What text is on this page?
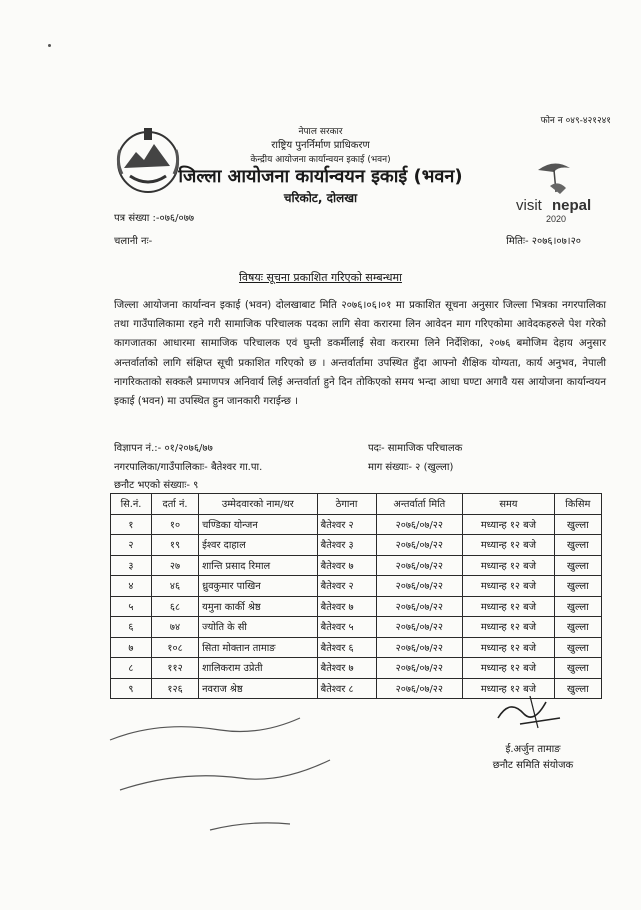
फोन न ०४९-४२१२४१
नेपाल सरकार
राष्ट्रिय पुनर्निर्माण प्राधिकरण
केन्द्रीय आयोजना कार्यान्वयन इकाई (भवन)
जिल्ला आयोजना कार्यान्वयन इकाई (भवन)
चरिकोट, दोलखा	visit nepal
2020
पत्र संख्या :-०७६/०७७
चलानी नः-	मितिः- २०७६।०७।२०
विषयः सूचना प्रकाशित गरिएको सम्बन्धमा
जिल्ला आयोजना कार्यान्वन इकाई (भवन) दोलखाबाट मिति २०७६।०६।०१ मा प्रकाशित सूचना अनुसार जिल्ला भित्रका नगरपालिका तथा गाउँपालिकामा रहने गरी सामाजिक परिचालक पदका लागि सेवा करारमा लिन आवेदन माग गरिएकोमा आवेदकहरुले पेश गरेको कागजातका आधारमा सामाजिक परिचालक एवं घुम्ती डकर्मीलाई सेवा करारमा लिने निर्देशिका, २०७६ बमोजिम देहाय अनुसार अन्तर्वार्ताको लागि संक्षिप्त सूची प्रकाशित गरिएको छ । अन्तर्वार्तामा उपस्थित हुँदा आफ्नो शैक्षिक योग्यता, कार्य अनुभव, नेपाली नागरिकताको सक्कलै प्रमाणपत्र अनिवार्य लिई अन्तर्वार्ता हुने दिन तोकिएको समय भन्दा आधा घण्टा अगावै यस आयोजना कार्यान्वयन इकाई (भवन) मा उपस्थित हुन जानकारी गराईन्छ ।
विज्ञापन नं.:- ०१/२०७६/७७	पदः- सामाजिक परिचालक
नगरपालिका/गाउँपालिकाः- बैतेश्वर गा.पा.	माग संख्याः- २ (खुल्ला)
छनौट भएको संख्याः- ९
सि.नं.	दर्ता नं.	उम्मेदवारको नाम/थर	ठेगाना	अन्तर्वार्ता मिति	समय	किसिम
१	१०	चण्डिका योन्जन	बैतेश्वर २	२०७६/०७/२२	मध्यान्ह १२ बजे	खुल्ला
२	१९	ईश्वर दाहाल	बैतेश्वर ३	२०७६/०७/२२	मध्यान्ह १२ बजे	खुल्ला
३	२७	शान्ति प्रसाद रिमाल	बैतेश्वर ७	२०७६/०७/२२	मध्यान्ह १२ बजे	खुल्ला
४	४६	ध्रुवकुमार पाखिन	बैतेश्वर २	२०७६/०७/२२	मध्यान्ह १२ बजे	खुल्ला
५	६८	यमुना कार्की श्रेष्ठ	बैतेश्वर ७	२०७६/०७/२२	मध्यान्ह १२ बजे	खुल्ला
६	७४	ज्योति के सी	बैतेश्वर ५	२०७६/०७/२२	मध्यान्ह १२ बजे	खुल्ला
७	१०८	सिता मोक्तान तामाङ	बैतेश्वर ६	२०७६/०७/२२	मध्यान्ह १२ बजे	खुल्ला
८	११२	शालिकराम उप्रेती	बैतेश्वर ७	२०७६/०७/२२	मध्यान्ह १२ बजे	खुल्ला
९	१२६	नवराज श्रेष्ठ	बैतेश्वर ८	२०७६/०७/२२	मध्यान्ह १२ बजे	खुल्ला
ई.अर्जुन तामाङ
छनौट समिति संयोजक
